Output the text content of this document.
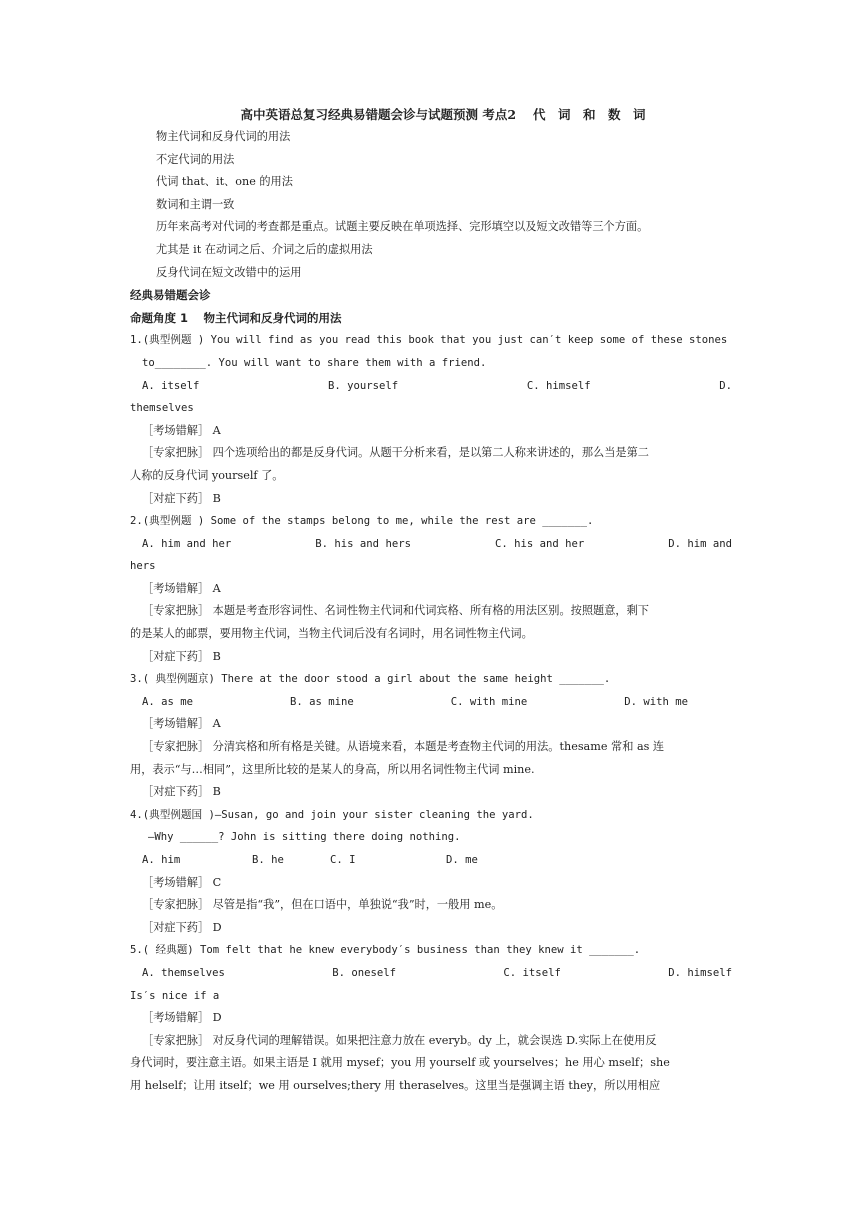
高中英语总复习经典易错题会诊与试题预测 考点2　 代　词　和　数　词
物主代词和反身代词的用法
不定代词的用法
代词 that、it、one 的用法
数词和主谓一致
历年来高考对代词的考查都是重点。试题主要反映在单项选择、完形填空以及短文改错等三个方面。
尤其是 it 在动词之后、介词之后的虚拟用法
反身代词在短文改错中的运用
经典易错题会诊
命题角度 1　 物主代词和反身代词的用法
1.(典型例题 ) You will find as you read this book that you just can′t keep some of these stones
to________. You will want to share them with a friend.
A. itself	B. yourself	C. himself	D.
themselves
［考场错解］ A
［专家把脉］ 四个选项给出的都是反身代词。从题干分析来看，是以第二人称来讲述的，那么当是第二
人称的反身代词 yourself 了。
［对症下药］ B
2.(典型例题 ) Some of the stamps belong to me, while the rest are _______.
A. him and her	B. his and hers	C. his and her	D. him and
hers
［考场错解］ A
［专家把脉］ 本题是考查形容词性、名词性物主代词和代词宾格、所有格的用法区别。按照题意，剩下
的是某人的邮票，要用物主代词，当物主代词后没有名词时，用名词性物主代词。
［对症下药］ B
3.( 典型例题京) There at the door stood a girl about the same height _______.
A. as me	B. as mine	C. with mine	D. with me
［考场错解］ A
［专家把脉］ 分清宾格和所有格是关键。从语境来看，本题是考查物主代词的用法。thesame 常和 as 连
用，表示“与…相同”，这里所比较的是某人的身高，所以用名词性物主代词 mine.
［对症下药］ B
4.(典型例题国 )—Susan, go and join your sister cleaning the yard.
—Why ______? John is sitting there doing nothing.
A. him	B. he	C. I	D. me
［考场错解］ C
［专家把脉］ 尽管是指“我”，但在口语中，单独说“我”时，一般用 me。
［对症下药］ D
5.( 经典题) Tom felt that he knew everybody′s business than they knew it _______.
A. themselves	B. oneself	C. itself	D. himself
Is′s nice if a
［考场错解］ D
［专家把脉］ 对反身代词的理解错误。如果把注意力放在 everyb。dy 上，就会误选 D.实际上在使用反
身代词时，要注意主语。如果主语是 I 就用 mysef；you 用 yourself 或 yourselves；he 用心 mself；she
用 helself；让用 itself；we 用 ourselves;thery 用 theraselves。这里当是强调主语 they，所以用相应
